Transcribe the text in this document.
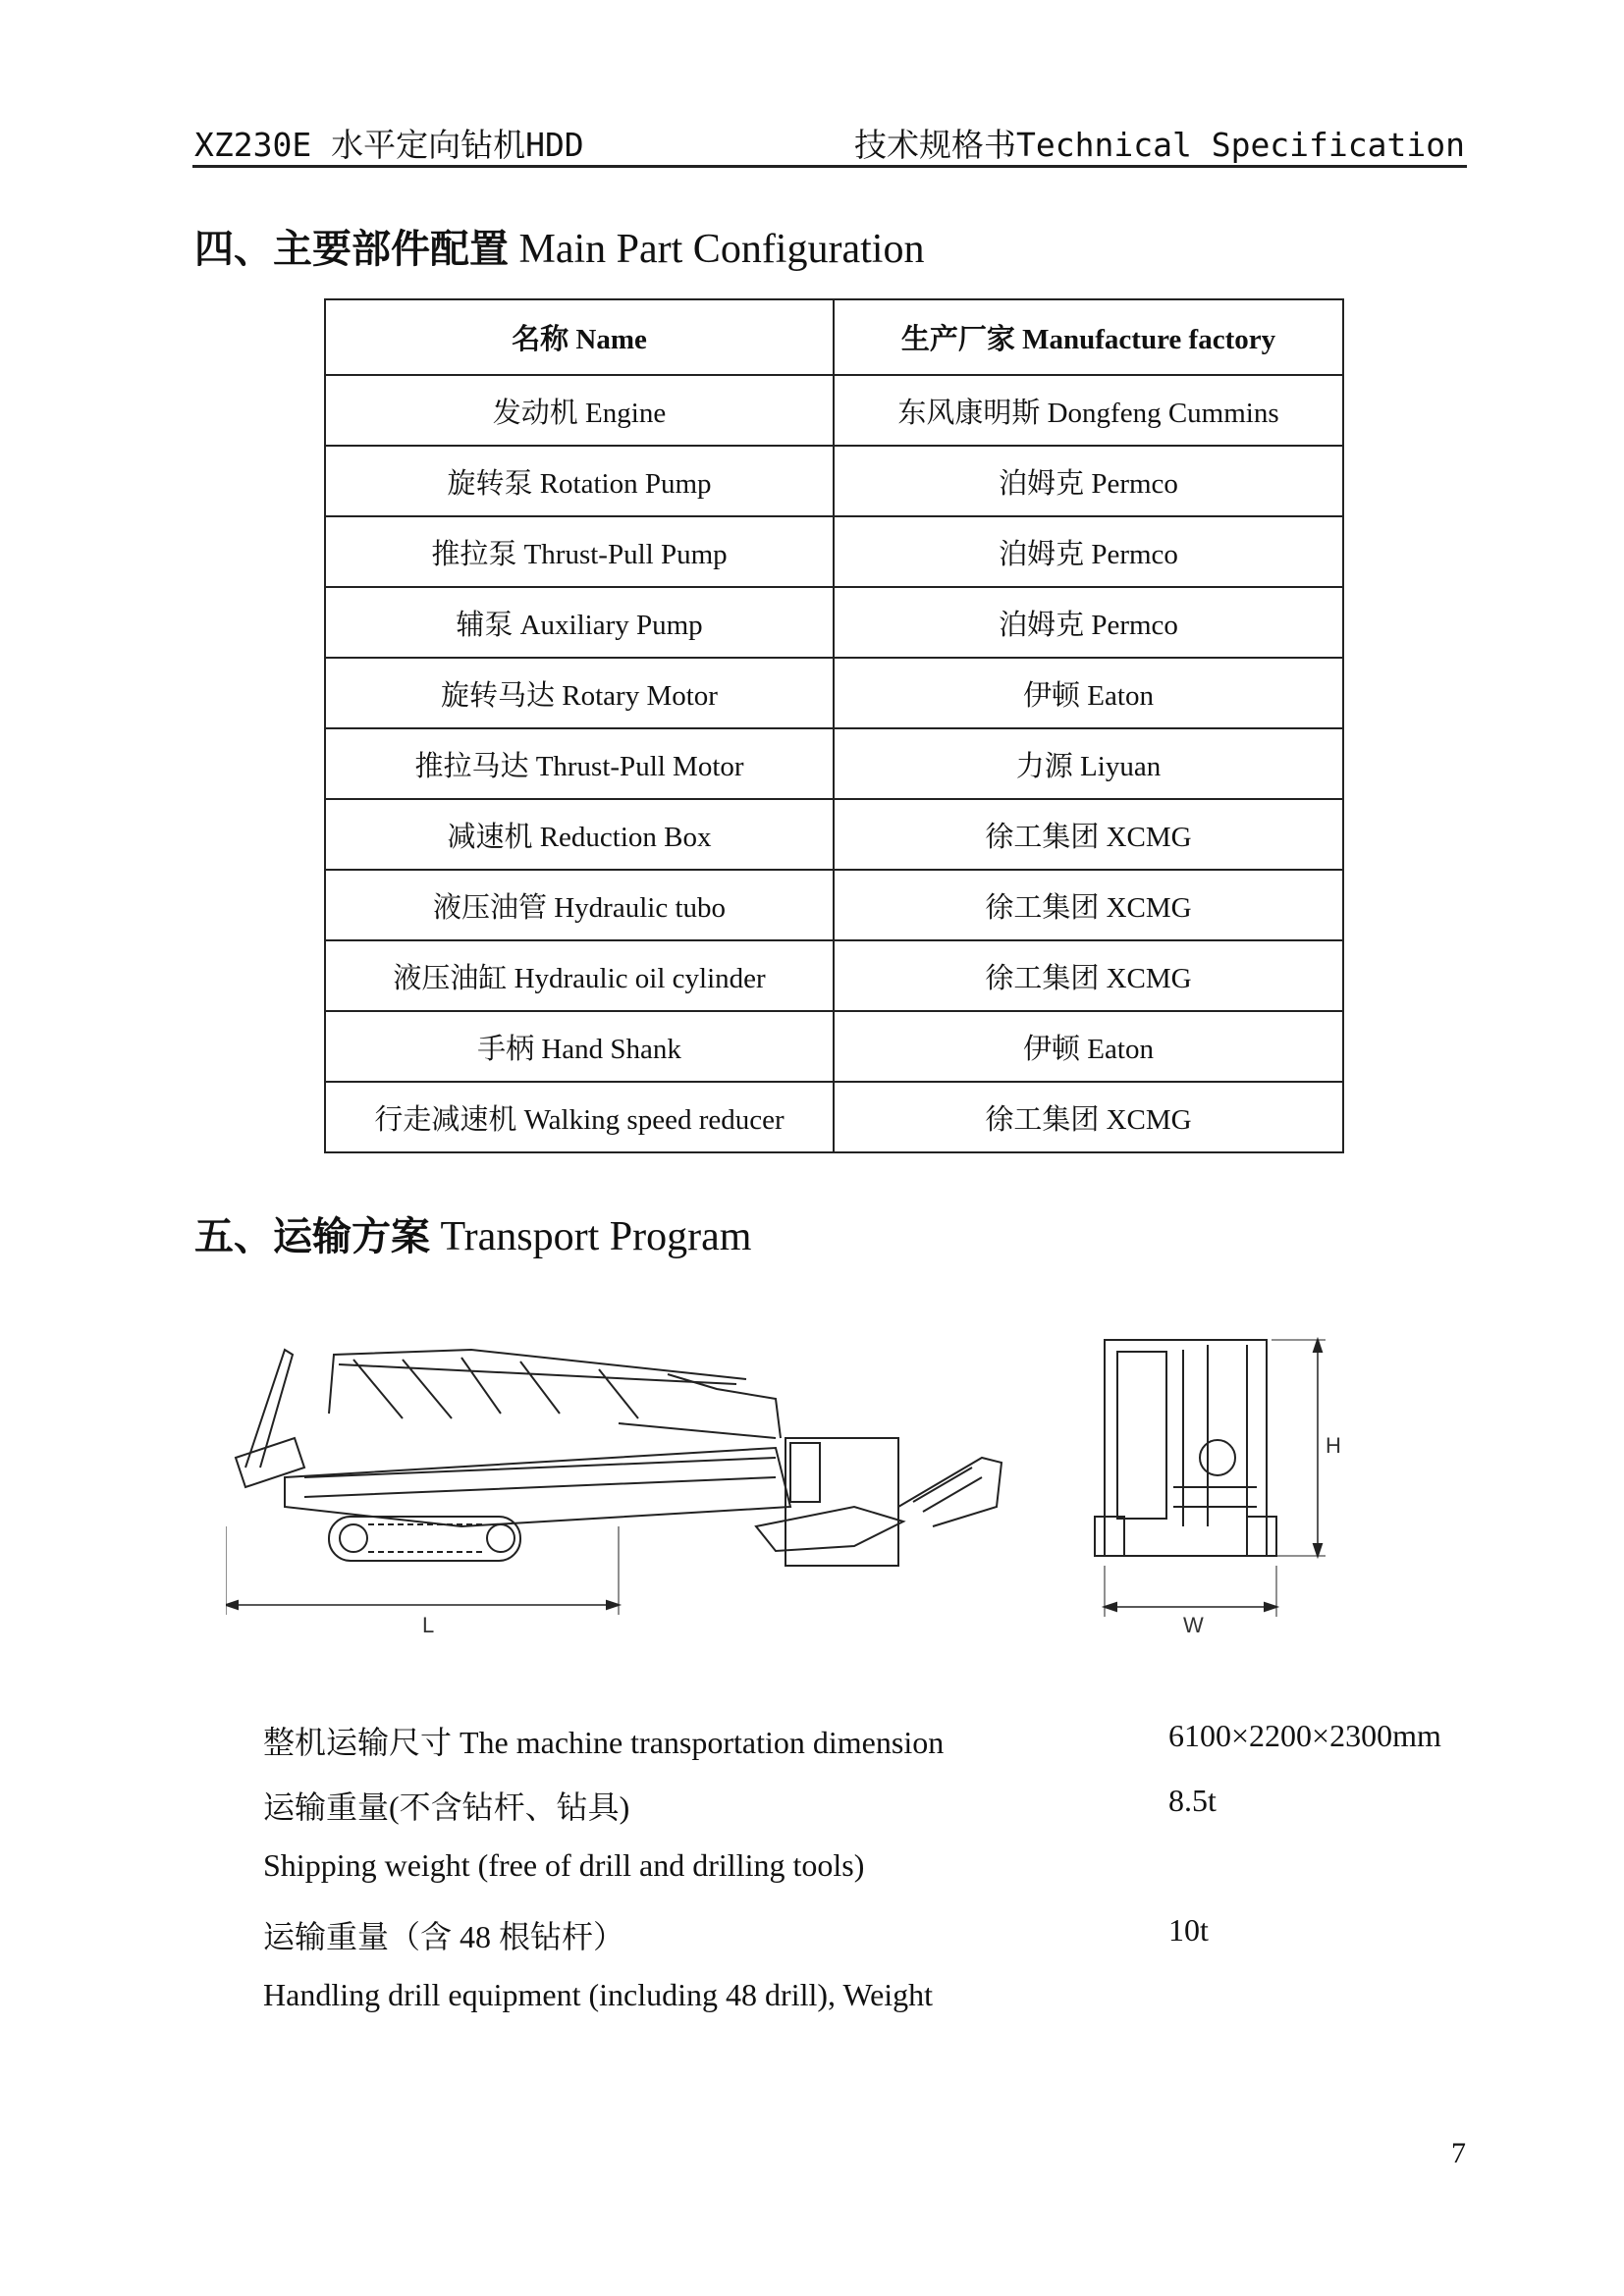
XZ230E 水平定向钻机HDD	技术规格书Technical Specification
四、主要部件配置 Main Part Configuration
名称 Name	生产厂家 Manufacture factory
发动机 Engine	东风康明斯 Dongfeng Cummins
旋转泵 Rotation Pump	泊姆克 Permco
推拉泵 Thrust-Pull Pump	泊姆克 Permco
辅泵 Auxiliary Pump	泊姆克 Permco
旋转马达 Rotary Motor	伊顿 Eaton
推拉马达 Thrust-Pull Motor	力源 Liyuan
减速机 Reduction Box	徐工集团 XCMG
液压油管 Hydraulic tubo	徐工集团 XCMG
液压油缸 Hydraulic oil cylinder	徐工集团 XCMG
手柄 Hand Shank	伊顿 Eaton
行走减速机 Walking speed reducer	徐工集团 XCMG
五、运输方案 Transport Program
L	W
H
整机运输尺寸 The machine transportation dimension	6100×2200×2300mm
运输重量(不含钻杆、钻具)	8.5t
Shipping weight (free of drill and drilling tools)
运输重量（含 48 根钻杆）	10t
Handling drill equipment (including 48 drill), Weight
7
